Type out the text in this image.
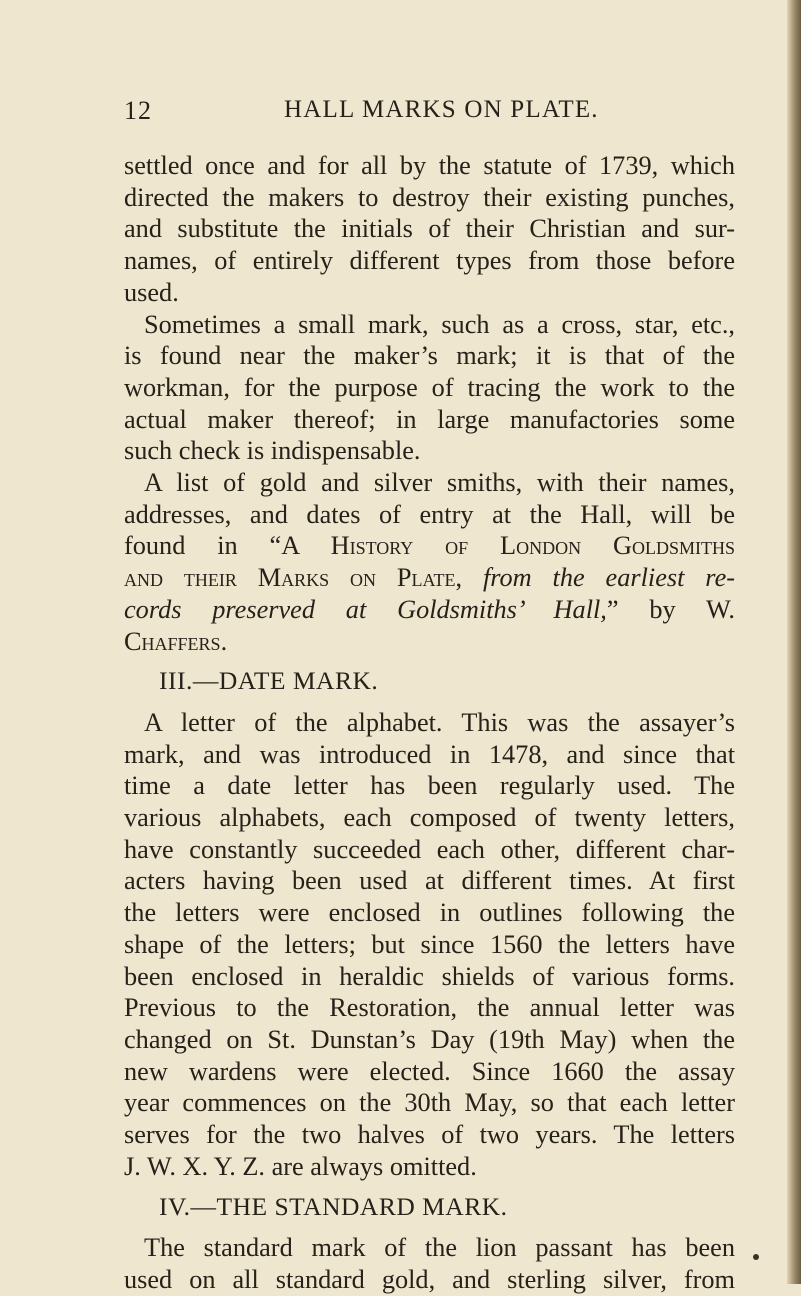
12	HALL MARKS ON PLATE.
settled once and for all by the statute of 1739, which
directed the makers to destroy their existing punches,
and substitute the initials of their Christian and sur-
names, of entirely different types from those before
used.
Sometimes a small mark, such as a cross, star, etc.,
is found near the maker’s mark; it is that of the
workman, for the purpose of tracing the work to the
actual maker thereof; in large manufactories some
such check is indispensable.
A list of gold and silver smiths, with their names,
addresses, and dates of entry at the Hall, will be
found in “A History of London Goldsmiths
and their Marks on Plate, from the earliest re-
cords preserved at Goldsmiths’ Hall,” by W.
Chaffers.
III.—DATE MARK.
A letter of the alphabet. This was the assayer’s
mark, and was introduced in 1478, and since that
time a date letter has been regularly used. The
various alphabets, each composed of twenty letters,
have constantly succeeded each other, different char-
acters having been used at different times. At first
the letters were enclosed in outlines following the
shape of the letters; but since 1560 the letters have
been enclosed in heraldic shields of various forms.
Previous to the Restoration, the annual letter was
changed on St. Dunstan’s Day (19th May) when the
new wardens were elected. Since 1660 the assay
year commences on the 30th May, so that each letter
serves for the two halves of two years. The letters
J. W. X. Y. Z. are always omitted.
IV.—THE STANDARD MARK.
The standard mark of the lion passant has been
used on all standard gold, and sterling silver, from
